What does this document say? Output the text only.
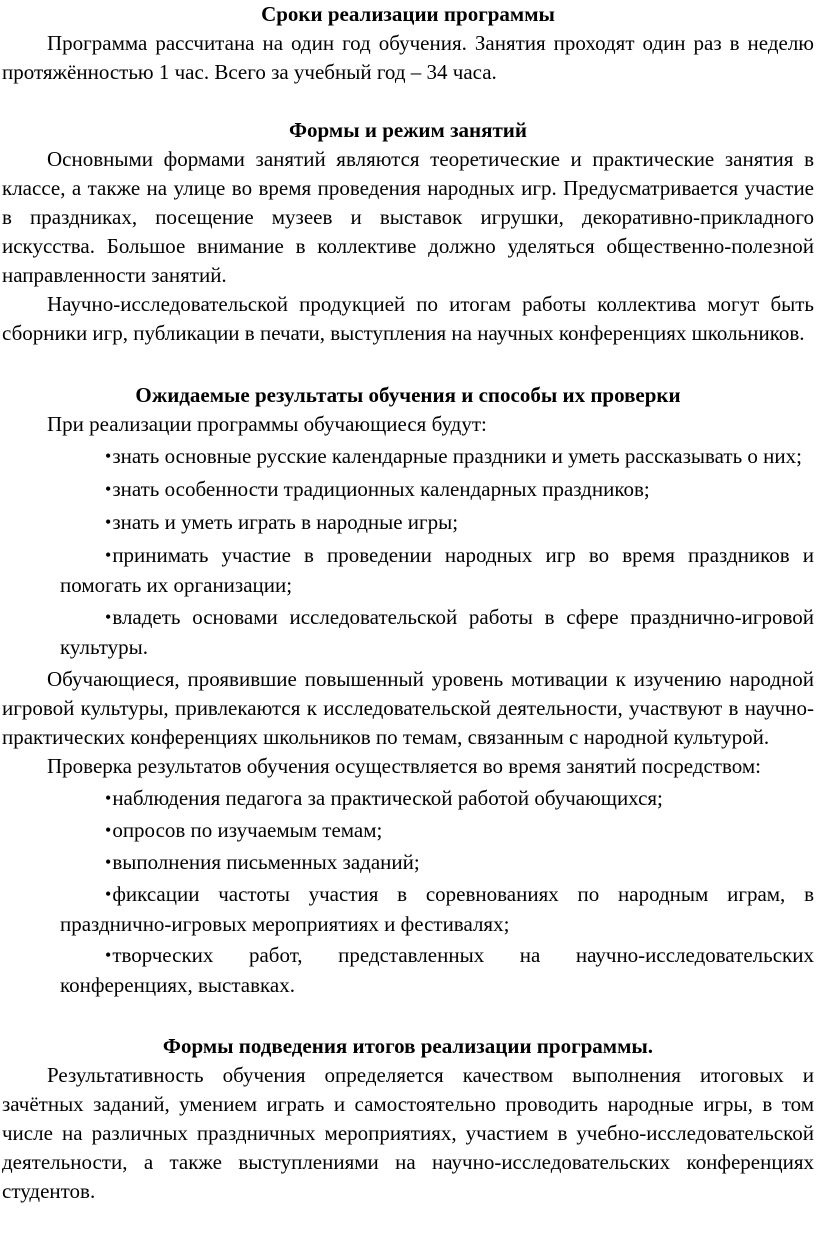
Сроки реализации программы

Программа рассчитана на один год обучения. Занятия проходят один раз в неделю протяжённостью 1 час. Всего за учебный год – 34 часа.

Формы и режим занятий

Основными формами занятий являются теоретические и практические занятия в классе, а также на улице во время проведения народных игр. Предусматривается участие в праздниках, посещение музеев и выставок игрушки, декоративно-прикладного искусства. Большое внимание в коллективе должно уделяться общественно-полезной направленности занятий.

Научно-исследовательской продукцией по итогам работы коллектива могут быть сборники игр, публикации в печати, выступления на научных конференциях школьников.

Ожидаемые результаты обучения и способы их проверки

При реализации программы обучающиеся будут:

•знать основные русские календарные праздники и уметь рассказывать о них;
•знать особенности традиционных календарных праздников;
•знать и уметь играть в народные игры;
•принимать участие в проведении народных игр во время праздников и помогать их организации;
•владеть основами исследовательской работы в сфере празднично-игровой культуры.

Обучающиеся, проявившие повышенный уровень мотивации к изучению народной игровой культуры, привлекаются к исследовательской деятельности, участвуют в научно-практических конференциях школьников по темам, связанным с народной культурой.

Проверка результатов обучения осуществляется во время занятий посредством:

•наблюдения педагога за практической работой обучающихся;
•опросов по изучаемым темам;
•выполнения письменных заданий;
•фиксации частоты участия в соревнованиях по народным играм, в празднично-игровых мероприятиях и фестивалях;
•творческих работ, представленных на научно-исследовательских конференциях, выставках.
Формы подведения итогов реализации программы.

Результативность обучения определяется качеством выполнения итоговых и зачётных заданий, умением играть и самостоятельно проводить народные игры, в том числе на различных праздничных мероприятиях, участием в учебно-исследовательской деятельности, а также выступлениями на научно-исследовательских конференциях студентов.
